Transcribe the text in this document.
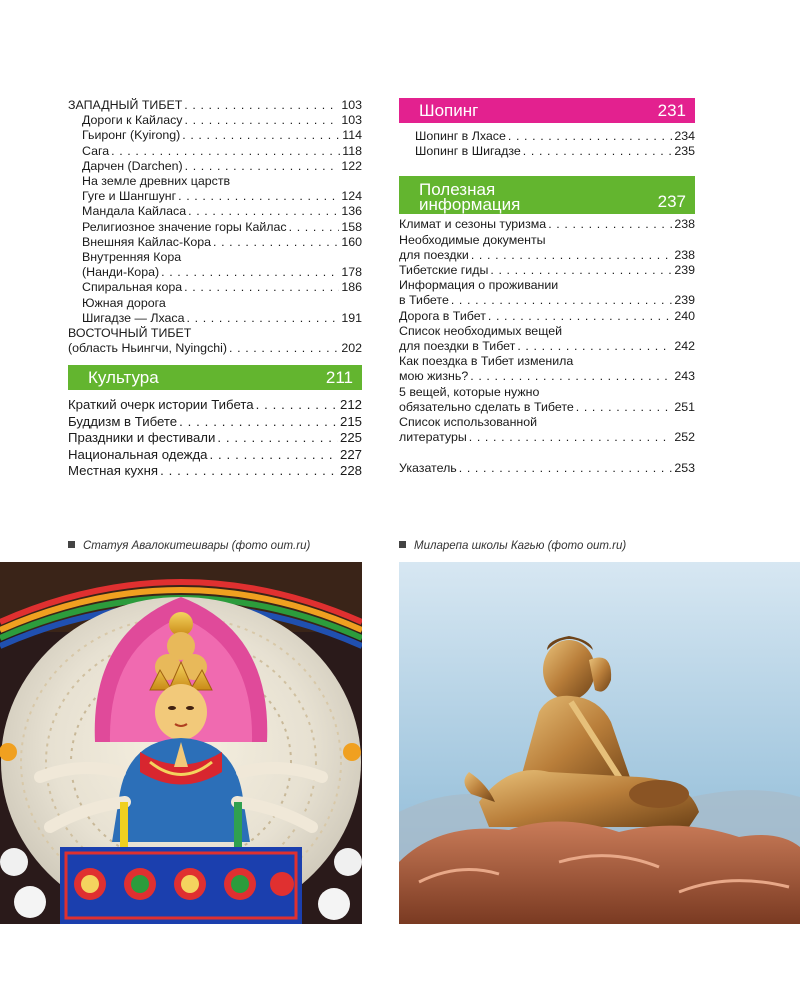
ЗАПАДНЫЙ ТИБЕТ . . .	103
Дороги к Кайласу . . .	103
Гьиронг (Kyirong) . . .	114
Сага . . .	118
Дарчен (Darchen) . . .	122
На земле древних царств
Гуге и Шангшунг . . .	124
Мандала Кайласа . . .	136
Религиозное значение горы Кайлас . . .	158
Внешняя Кайлас-Кора . . .	160
Внутренняя Кора
(Нанди-Кора) . . .	178
Спиральная кора . . .	186
Южная дорога
Шигадзе — Лхаса . . .	191
ВОСТОЧНЫЙ ТИБЕТ
(область Ньингчи, Nyingchi) . . .	202
Культура	211
Краткий очерк истории Тибета . . .	212
Буддизм в Тибете . . .	215
Праздники и фестивали . . .	225
Национальная одежда . . .	227
Местная кухня . . .	228
Шопинг	231
Шопинг в Лхасе . . .	234
Шопинг в Шигадзе . . .	235
Полезная
информация	237
Климат и сезоны туризма . . .	238
Необходимые документы
для поездки . . .	238
Тибетские гиды . . .	239
Информация о проживании
в Тибете . . .	239
Дорога в Тибет . . .	240
Список необходимых вещей
для поездки в Тибет . . .	242
Как поездка в Тибет изменила
мою жизнь? . . .	243
5 вещей, которые нужно
обязательно сделать в Тибете . . .	251
Список использованной
литературы . . .	252
Указатель . . .	253
Статуя Авалокитешвары (фото oum.ru)	Миларепа школы Кагью (фото oum.ru)
